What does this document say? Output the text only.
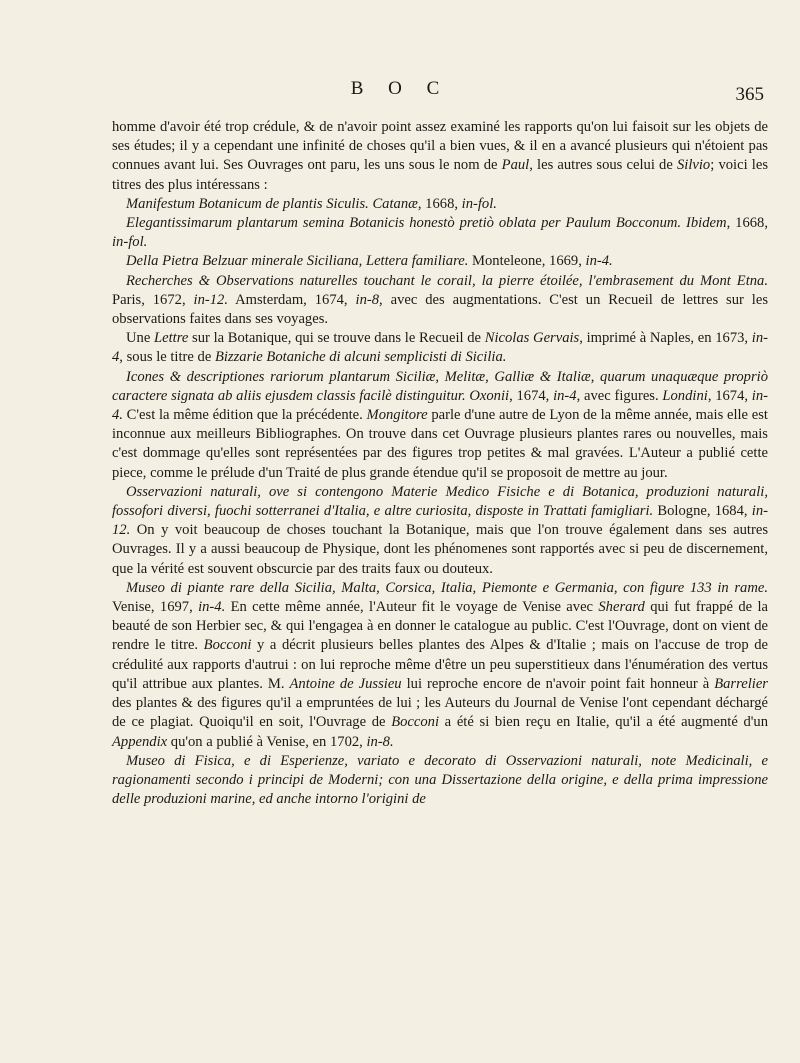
B O C	365

homme d'avoir été trop crédule, & de n'avoir point assez examiné les rapports qu'on lui faisoit sur les objets de ses études; il y a cependant une infinité de choses qu'il a bien vues, & il en a avancé plusieurs qui n'étoient pas connues avant lui. Ses Ouvrages ont paru, les uns sous le nom de Paul, les autres sous celui de Silvio; voici les titres des plus intéressans :

Manifestum Botanicum de plantis Siculis. Catanæ, 1668, in-fol.

Elegantissimarum plantarum semina Botanicis honestò pretiò oblata per Paulum Bocconum. Ibidem, 1668, in-fol.

Della Pietra Belzuar minerale Siciliana, Lettera familiare. Monteleone, 1669, in-4.

Recherches & Observations naturelles touchant le corail, la pierre étoilée, l'embrasement du Mont Etna. Paris, 1672, in-12. Amsterdam, 1674, in-8, avec des augmentations. C'est un Recueil de lettres sur les observations faites dans ses voyages.

Une Lettre sur la Botanique, qui se trouve dans le Recueil de Nicolas Gervais, imprimé à Naples, en 1673, in-4, sous le titre de Bizzarie Botaniche di alcuni semplicisti di Sicilia.

Icones & descriptiones rariorum plantarum Siciliæ, Melitæ, Galliæ & Italiæ, quarum unaquæque propriò caractere signata ab aliis ejusdem classis facilè distinguitur. Oxonii, 1674, in-4, avec figures. Londini, 1674, in-4. C'est la même édition que la précédente. Mongitore parle d'une autre de Lyon de la même année, mais elle est inconnue aux meilleurs Bibliographes. On trouve dans cet Ouvrage plusieurs plantes rares ou nouvelles, mais c'est dommage qu'elles sont représentées par des figures trop petites & mal gravées. L'Auteur a publié cette piece, comme le prélude d'un Traité de plus grande étendue qu'il se proposoit de mettre au jour.

Osservazioni naturali, ove si contengono Materie Medico Fisiche e di Botanica, produzioni naturali, fossofori diversi, fuochi sotterranei d'Italia, e altre curiosita, disposte in Trattati famigliari. Bologne, 1684, in-12. On y voit beaucoup de choses touchant la Botanique, mais que l'on trouve également dans ses autres Ouvrages. Il y a aussi beaucoup de Physique, dont les phénomenes sont rapportés avec si peu de discernement, que la vérité est souvent obscurcie par des traits faux ou douteux.

Museo di piante rare della Sicilia, Malta, Corsica, Italia, Piemonte e Germania, con figure 133 in rame. Venise, 1697, in-4. En cette même année, l'Auteur fit le voyage de Venise avec Sherard qui fut frappé de la beauté de son Herbier sec, & qui l'engagea à en donner le catalogue au public. C'est l'Ouvrage, dont on vient de rendre le titre. Bocconi y a décrit plusieurs belles plantes des Alpes & d'Italie ; mais on l'accuse de trop de crédulité aux rapports d'autrui : on lui reproche même d'être un peu superstitieux dans l'énumération des vertus qu'il attribue aux plantes. M. Antoine de Jussieu lui reproche encore de n'avoir point fait honneur à Barrelier des plantes & des figures qu'il a empruntées de lui ; les Auteurs du Journal de Venise l'ont cependant déchargé de ce plagiat. Quoiqu'il en soit, l'Ouvrage de Bocconi a été si bien reçu en Italie, qu'il a été augmenté d'un Appendix qu'on a publié à Venise, en 1702, in-8.

Museo di Fisica, e di Esperienze, variato e decorato di Osservazioni naturali, note Medicinali, e ragionamenti secondo i principi de Moderni; con una Dissertazione della origine, e della prima impressione delle produzioni marine, ed anche intorno l'origini de
